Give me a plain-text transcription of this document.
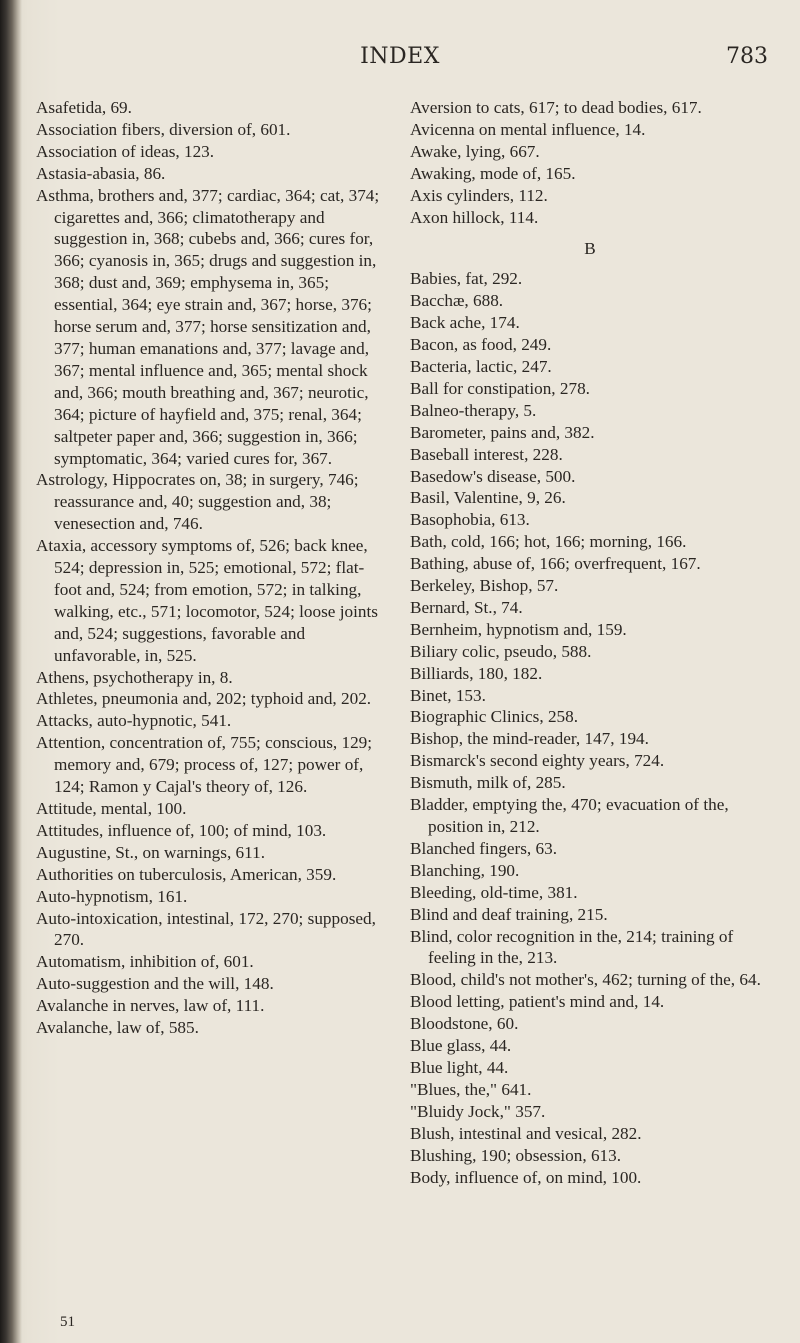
INDEX	783

Asafetida, 69.

Association fibers, diversion of, 601.

Association of ideas, 123.

Astasia-abasia, 86.

Asthma, brothers and, 377; cardiac, 364; cat, 374; cigarettes and, 366; climatotherapy and suggestion in, 368; cubebs and, 366; cures for, 366; cyanosis in, 365; drugs and suggestion in, 368; dust and, 369; emphysema in, 365; essential, 364; eye strain and, 367; horse, 376; horse serum and, 377; horse sensitization and, 377; human emanations and, 377; lavage and, 367; mental influence and, 365; mental shock and, 366; mouth breathing and, 367; neurotic, 364; picture of hayfield and, 375; renal, 364; saltpeter paper and, 366; suggestion in, 366; symptomatic, 364; varied cures for, 367.

Astrology, Hippocrates on, 38; in surgery, 746; reassurance and, 40; suggestion and, 38; venesection and, 746.

Ataxia, accessory symptoms of, 526; back knee, 524; depression in, 525; emotional, 572; flat-foot and, 524; from emotion, 572; in talking, walking, etc., 571; locomotor, 524; loose joints and, 524; suggestions, favorable and unfavorable, in, 525.

Athens, psychotherapy in, 8.

Athletes, pneumonia and, 202; typhoid and, 202.

Attacks, auto-hypnotic, 541.

Attention, concentration of, 755; conscious, 129; memory and, 679; process of, 127; power of, 124; Ramon y Cajal's theory of, 126.

Attitude, mental, 100.

Attitudes, influence of, 100; of mind, 103.

Augustine, St., on warnings, 611.

Authorities on tuberculosis, American, 359.

Auto-hypnotism, 161.

Auto-intoxication, intestinal, 172, 270; supposed, 270.

Automatism, inhibition of, 601.

Auto-suggestion and the will, 148.

Avalanche in nerves, law of, 111.

Avalanche, law of, 585.

Aversion to cats, 617; to dead bodies, 617.

Avicenna on mental influence, 14.

Awake, lying, 667.

Awaking, mode of, 165.

Axis cylinders, 112.

Axon hillock, 114.

B

Babies, fat, 292.

Bacchæ, 688.

Back ache, 174.

Bacon, as food, 249.

Bacteria, lactic, 247.

Ball for constipation, 278.

Balneo-therapy, 5.

Barometer, pains and, 382.

Baseball interest, 228.

Basedow's disease, 500.

Basil, Valentine, 9, 26.

Basophobia, 613.

Bath, cold, 166; hot, 166; morning, 166.

Bathing, abuse of, 166; overfrequent, 167.

Berkeley, Bishop, 57.

Bernard, St., 74.

Bernheim, hypnotism and, 159.

Biliary colic, pseudo, 588.

Billiards, 180, 182.

Binet, 153.

Biographic Clinics, 258.

Bishop, the mind-reader, 147, 194.

Bismarck's second eighty years, 724.

Bismuth, milk of, 285.

Bladder, emptying the, 470; evacuation of the, position in, 212.

Blanched fingers, 63.

Blanching, 190.

Bleeding, old-time, 381.

Blind and deaf training, 215.

Blind, color recognition in the, 214; training of feeling in the, 213.

Blood, child's not mother's, 462; turning of the, 64.

Blood letting, patient's mind and, 14.

Bloodstone, 60.

Blue glass, 44.

Blue light, 44.

"Blues, the," 641.

"Bluidy Jock," 357.

Blush, intestinal and vesical, 282.

Blushing, 190; obsession, 613.

Body, influence of, on mind, 100.

51
